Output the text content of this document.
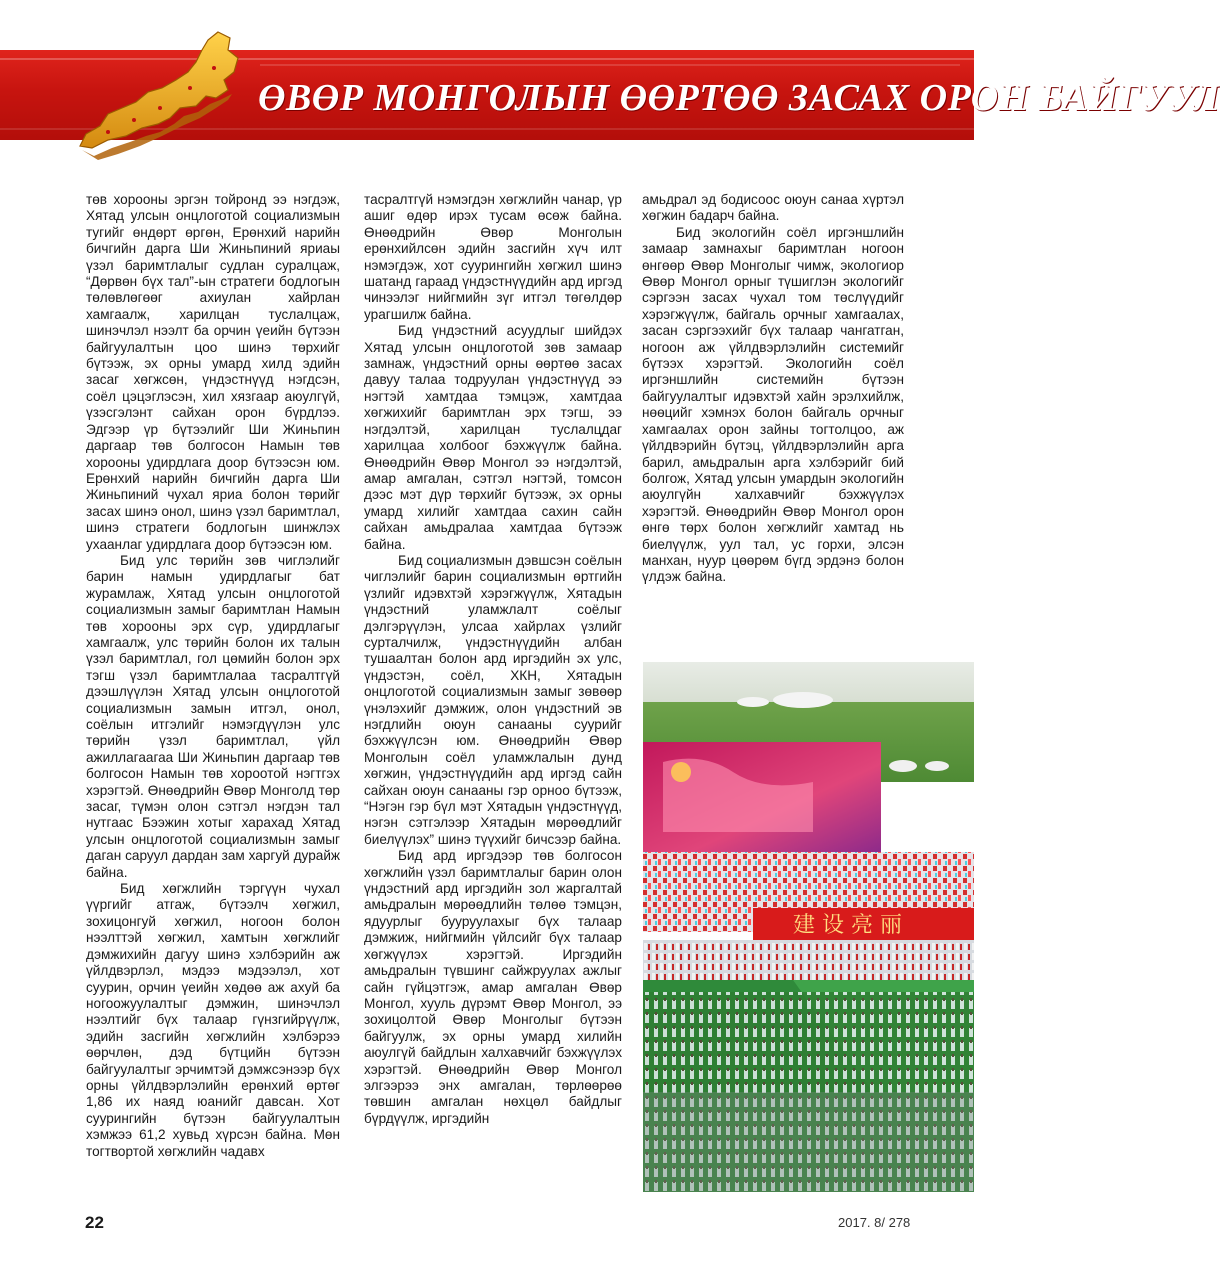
ӨВӨР МОНГОЛЫН ӨӨРТӨӨ ЗАСАХ ОРОН БАЙГУУЛ

төв хорооны эргэн тойронд ээ нэгдэж, Хятад улсын онцлоготой социализмын тугийг өндөрт өргөн, Ерөнхий нарийн бичгийн дарга Ши Жиньпиний яриаы үзэл баримтлалыг судлан суралцаж, “Дөрвөн бүх тал”-ын стратеги бодлогын төлөвлөгөөг ахиулан хайрлан хамгаалж, харилцан туслалцаж, шинэчлэл нээлт ба орчин үеийн бүтээн байгуулалтын цоо шинэ төрхийг бүтээж, эх орны умард хилд эдийн засаг хөгжсөн, үндэстнүүд нэгдсэн, соёл цэцэглэсэн, хил хязгаар аюулгүй, үзэсгэлэнт сайхан орон бүрдлээ. Эдгээр үр бүтээлийг Ши Жиньпин даргаар төв болгосон Намын төв хорооны удирдлага доор бүтээсэн юм. Ерөнхий нарийн бичгийн дарга Ши Жиньпиний чухал яриа болон төрийг засах шинэ онол, шинэ үзэл баримтлал, шинэ стратеги бодлогын шинжлэх ухаанлаг удирдлага доор бүтээсэн юм.

Бид улс төрийн зөв чиглэлийг барин намын удирдлагыг бат журамлаж, Хятад улсын онцлоготой социализмын замыг баримтлан Намын төв хорооны эрх сүр, удирдлагыг хамгаалж, улс төрийн болон их талын үзэл баримтлал, гол цөмийн болон эрх тэгш үзэл баримтлалаа тасралтгүй дээшлүүлэн Хятад улсын онцлоготой социализмын замын итгэл, онол, соёлын итгэлийг нэмэгдүүлэн улс төрийн үзэл баримтлал, үйл ажиллагаагаа Ши Жиньпин даргаар төв болгосон Намын төв хороотой нэгтгэх хэрэгтэй. Өнөөдрийн Өвөр Монголд төр засаг, түмэн олон сэтгэл нэгдэн тал нутгаас Бээжин хотыг харахад Хятад улсын онцлоготой социализмын замыг даган саруул дардан зам харгуй дурайж байна.

Бид хөгжлийн тэргүүн чухал үүргийг атгаж, бүтээлч хөгжил, зохицонгуй хөгжил, ногоон болон нээлттэй хөгжил, хамтын хөгжлийг дэмжихийн дагуу шинэ хэлбэрийн аж үйлдвэрлэл, мэдээ мэдээлэл, хот суурин, орчин үеийн хөдөө аж ахуй ба ногоожуулалтыг дэмжин, шинэчлэл нээлтийг бүх талаар гүнзгийрүүлж, эдийн засгийн хөгжлийн хэлбэрээ өөрчлөн, дэд бүтцийн бүтээн байгуулалтыг эрчимтэй дэмжсэнээр бүх орны үйлдвэрлэлийн ерөнхий өртөг 1,86 их наяд юанийг давсан. Хот суурингийн бүтээн байгуулалтын хэмжээ 61,2 хувьд хүрсэн байна. Мөн тогтвортой хөгжлийн чадавх

тасралтгүй нэмэгдэн хөгжлийн чанар, үр ашиг өдөр ирэх тусам өсөж байна. Өнөөдрийн Өвөр Монголын ерөнхийлсөн эдийн засгийн хүч илт нэмэгдэж, хот суурингийн хөгжил шинэ шатанд гараад үндэстнүүдийн ард иргэд чинээлэг нийгмийн зүг итгэл төгөлдөр урагшилж байна.

Бид үндэстний асуудлыг шийдэх Хятад улсын онцлоготой зөв замаар замнаж, үндэстний орны өөртөө засах давуу талаа тодруулан үндэстнүүд ээ нэгтэй хамтдаа тэмцэж, хамтдаа хөгжихийг баримтлан эрх тэгш, ээ нэгдэлтэй, харилцан туслалцдаг харилцаа холбоог бэхжүүлж байна. Өнөөдрийн Өвөр Монгол ээ нэгдэлтэй, амар амгалан, сэтгэл нэгтэй, томсон дээс мэт дүр төрхийг бүтээж, эх орны умард хилийг хамтдаа сахин сайн сайхан амьдралаа хамтдаа бүтээж байна.

Бид социализмын дэвшсэн соёлын чиглэлийг барин социализмын өртгийн үзлийг идэвхтэй хэрэгжүүлж, Хятадын үндэстний уламжлалт соёлыг дэлгэрүүлэн, улсаа хайрлах үзлийг сурталчилж, үндэстнүүдийн албан тушаалтан болон ард иргэдийн эх улс, үндэстэн, соёл, ХКН, Хятадын онцлоготой социализмын замыг зөвөөр үнэлэхийг дэмжиж, олон үндэстний эв нэгдлийн оюун санааны суурийг бэхжүүлсэн юм. Өнөөдрийн Өвөр Монголын соёл уламжлалын дунд хөгжин, үндэстнүүдийн ард иргэд сайн сайхан оюун санааны гэр орноо бүтээж, “Нэгэн гэр бүл мэт Хятадын үндэстнүүд, нэгэн сэтгэлээр Хятадын мөрөөдлийг биелүүлэх” шинэ түүхийг бичсээр байна.

Бид ард иргэдээр төв болгосон хөгжлийн үзэл баримтлалыг барин олон үндэстний ард иргэдийн зол жаргалтай амьдралын мөрөөдлийн төлөө тэмцэн, ядуурлыг бууруулахыг бүх талаар дэмжиж, нийгмийн үйлсийг бүх талаар хөгжүүлэх хэрэгтэй. Иргэдийн амьдралын түвшинг сайжруулах ажлыг сайн гүйцэтгэж, амар амгалан Өвөр Монгол, хууль дүрэмт Өвөр Монгол, ээ зохицолтой Өвөр Монголыг бүтээн байгуулж, эх орны умард хилийн аюулгүй байдлын халхавчийг бэхжүүлэх хэрэгтэй. Өнөөдрийн Өвөр Монгол элгээрээ энх амгалан, төрлөөрөө төвшин амгалан нөхцөл байдлыг бүрдүүлж, иргэдийн

амьдрал эд бодисоос оюун санаа хүртэл хөгжин бадарч байна.

Бид экологийн соёл иргэншлийн замаар замнахыг баримтлан ногоон өнгөөр Өвөр Монголыг чимж, экологиор Өвөр Монгол орныг түшиглэн экологийг сэргээн засах чухал том төслүүдийг хэрэгжүүлж, байгаль орчныг хамгаалах, засан сэргээхийг бүх талаар чангатган, ногоон аж үйлдвэрлэлийн системийг бүтээх хэрэгтэй. Экологийн соёл иргэншлийн системийн бүтээн байгуулалтыг идэвхтэй хайн эрэлхийлж, нөөцийг хэмнэх болон байгаль орчныг хамгаалах орон зайны тогтолцоо, аж үйлдвэрийн бүтэц, үйлдвэрлэлийн арга барил, амьдралын арга хэлбэрийг бий болгож, Хятад улсын умардын экологийн аюулгүйн халхавчийг бэхжүүлэх хэрэгтэй. Өнөөдрийн Өвөр Монгол орон өнгө төрх болон хөгжлийг хамтад нь биелүүлж, уул тал, ус горхи, элсэн манхан, нуур цөөрөм бүгд эрдэнэ болон үлдэж байна.

建 设 亮 丽
22	2017. 8/ 278
